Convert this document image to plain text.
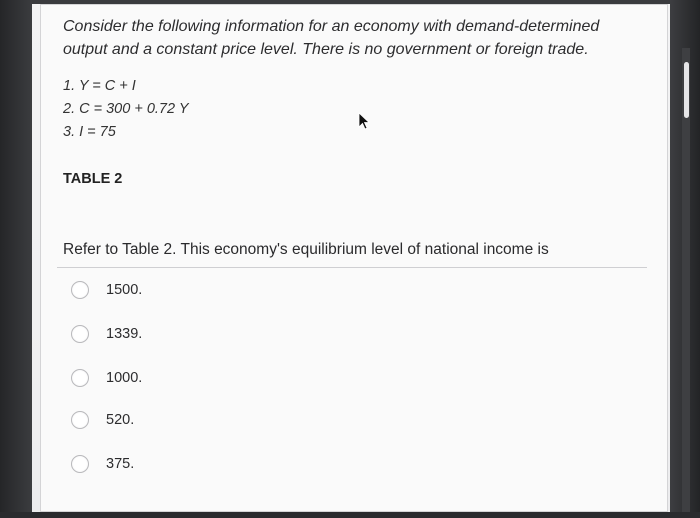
Consider the following information for an economy with demand-determined output and a constant price level. There is no government or foreign trade.
1. Y = C + I
2. C = 300 + 0.72 Y
3. I = 75
TABLE 2
Refer to Table 2. This economy's equilibrium level of national income is
1500.
1339.
1000.
520.
375.
